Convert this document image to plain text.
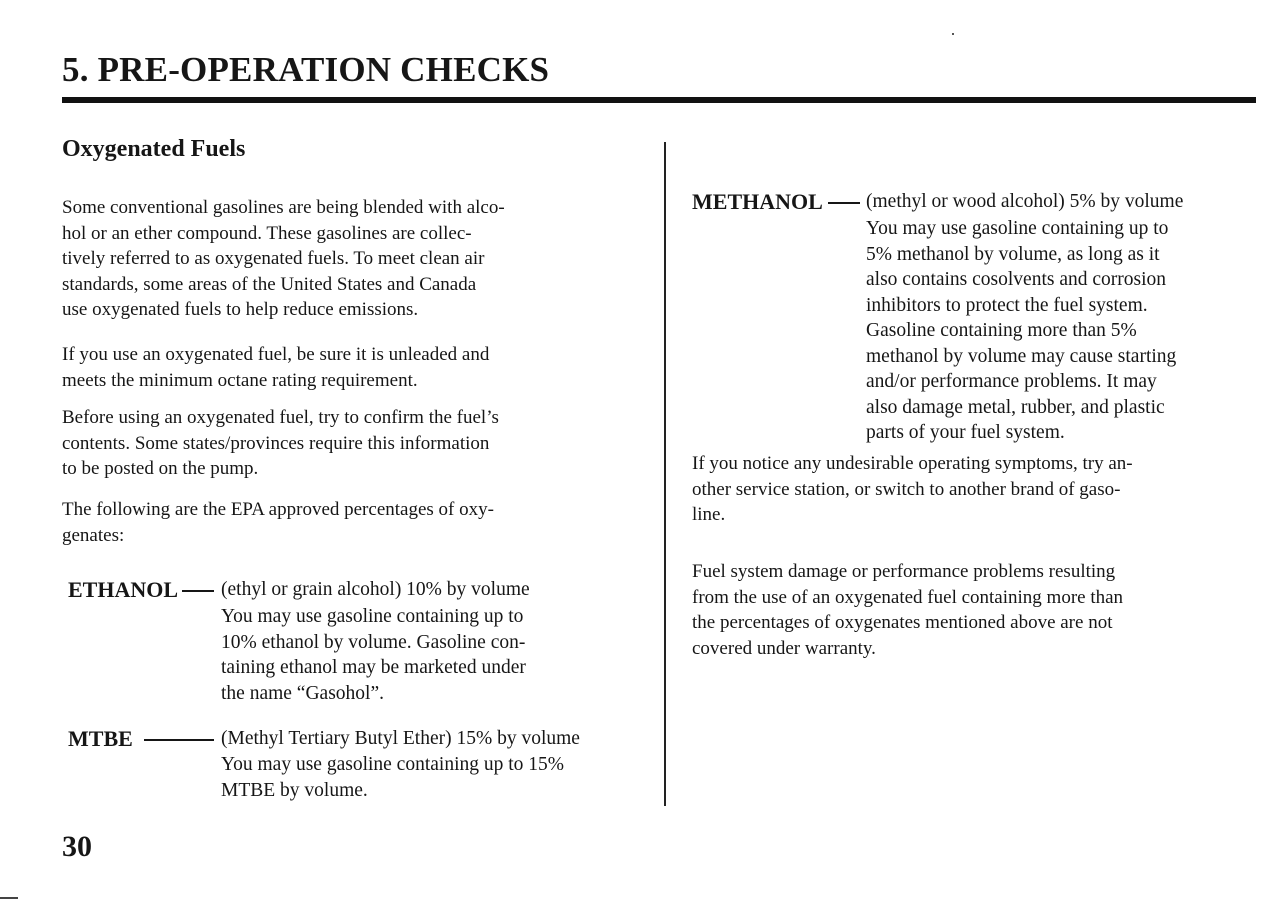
5. PRE-OPERATION CHECKS
Oxygenated Fuels

Some conventional gasolines are being blended with alco-
hol or an ether compound. These gasolines are collec-
tively referred to as oxygenated fuels. To meet clean air
standards, some areas of the United States and Canada
use oxygenated fuels to help reduce emissions.

If you use an oxygenated fuel, be sure it is unleaded and
meets the minimum octane rating requirement.

Before using an oxygenated fuel, try to confirm the fuel’s
contents. Some states/provinces require this information
to be posted on the pump.

The following are the EPA approved percentages of oxy-
genates:

ETHANOL (ethyl or grain alcohol) 10% by volume
You may use gasoline containing up to
10% ethanol by volume. Gasoline con-
taining ethanol may be marketed under
the name “Gasohol”.
MTBE	(Methyl Tertiary Butyl Ether) 15% by volume
You may use gasoline containing up to 15%
MTBE by volume.
METHANOL (methyl or wood alcohol) 5% by volume
You may use gasoline containing up to
5% methanol by volume, as long as it
also contains cosolvents and corrosion
inhibitors to protect the fuel system.
Gasoline containing more than 5%
methanol by volume may cause starting
and/or performance problems. It may
also damage metal, rubber, and plastic
parts of your fuel system.

If you notice any undesirable operating symptoms, try an-
other service station, or switch to another brand of gaso-
line.

Fuel system damage or performance problems resulting
from the use of an oxygenated fuel containing more than
the percentages of oxygenates mentioned above are not
covered under warranty.

30
